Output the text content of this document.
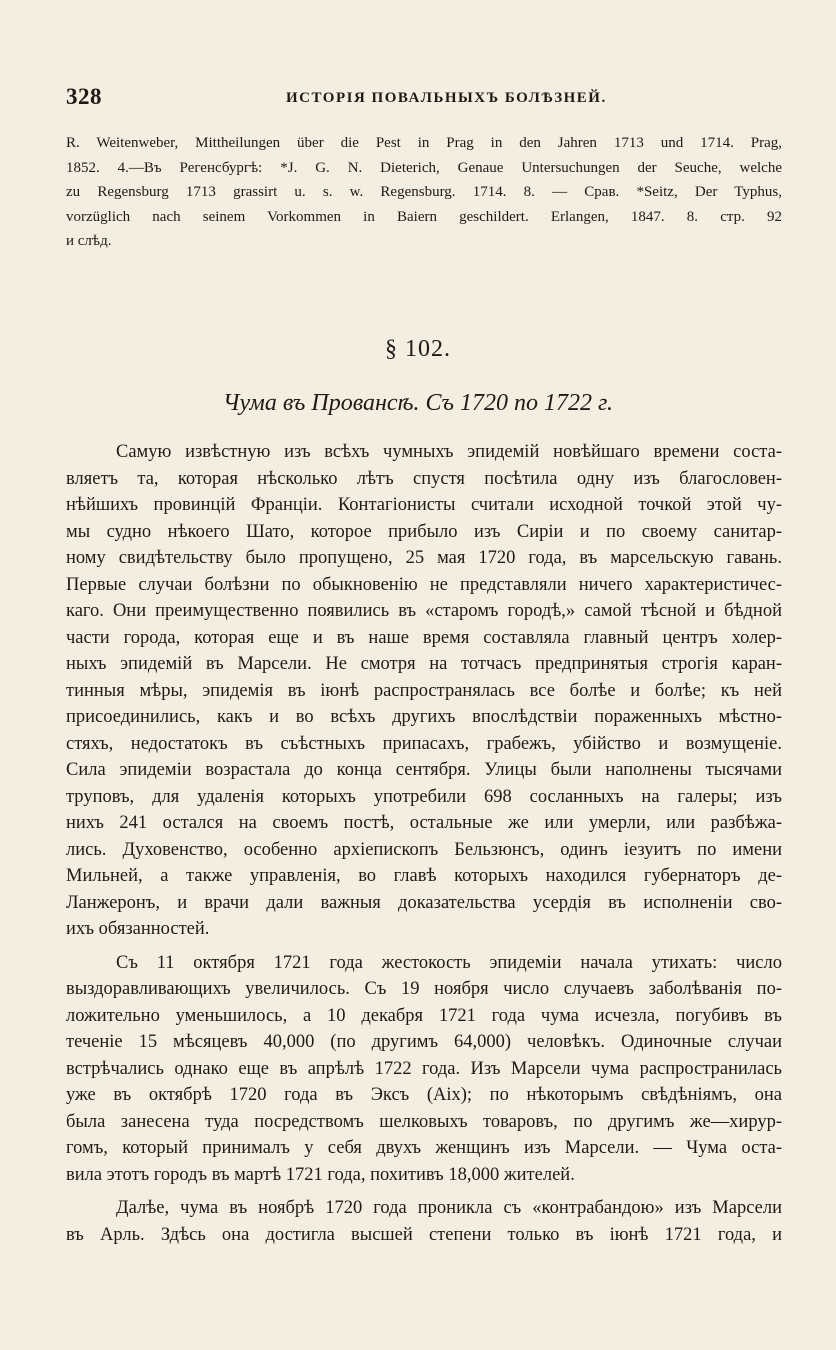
328	ИСТОРІЯ ПОВАЛЬНЫХЪ БОЛѢЗНЕЙ.
R. Weitenweber, Mittheilungen über die Pest in Prag in den Jahren 1713 und 1714. Prag,
1852. 4.—Въ Регенсбургѣ: *J. G. N. Dieterich, Genaue Untersuchungen der Seuche, welche
zu Regensburg 1713 grassirt u. s. w. Regensburg. 1714. 8. — Срав. *Seitz, Der Typhus,
vorzüglich nach seinem Vorkommen in Baiern geschildert. Erlangen, 1847. 8. стр. 92
и слѣд.
§ 102.
Чума въ Провансѣ. Съ 1720 по 1722 г.
Самую извѣстную изъ всѣхъ чумныхъ эпидемій новѣйшаго времени соста-
вляетъ та, которая нѣсколько лѣтъ спустя посѣтила одну изъ благословен-
нѣйшихъ провинцій Франціи. Контагіонисты считали исходной точкой этой чу-
мы судно нѣкоего Шато, которое прибыло изъ Сиріи и по своему санитар-
ному свидѣтельству было пропущено, 25 мая 1720 года, въ марсельскую гавань.
Первые случаи болѣзни по обыкновенію не представляли ничего характеристичес-
каго. Они преимущественно появились въ «старомъ городѣ,» самой тѣсной и бѣдной
части города, которая еще и въ наше время составляла главный центръ холер-
ныхъ эпидемій въ Марсели. Не смотря на тотчасъ предпринятыя строгія каран-
тинныя мѣры, эпидемія въ іюнѣ распространялась все болѣе и болѣе; къ ней
присоединились, какъ и во всѣхъ другихъ впослѣдствіи пораженныхъ мѣстно-
стяхъ, недостатокъ въ съѣстныхъ припасахъ, грабежъ, убійство и возмущеніе.
Сила эпидеміи возрастала до конца сентября. Улицы были наполнены тысячами
труповъ, для удаленія которыхъ употребили 698 сосланныхъ на галеры; изъ
нихъ 241 остался на своемъ постѣ, остальные же или умерли, или разбѣжа-
лись. Духовенство, особенно архіепископъ Бельзюнсъ, одинъ іезуитъ по имени
Мильней, а также управленія, во главѣ которыхъ находился губернаторъ де-
Ланжеронъ, и врачи дали важныя доказательства усердія въ исполненіи сво-
ихъ обязанностей.
Съ 11 октября 1721 года жестокость эпидеміи начала утихать: число
выздоравливающихъ увеличилось. Съ 19 ноября число случаевъ заболѣванія по-
ложительно уменьшилось, а 10 декабря 1721 года чума исчезла, погубивъ въ
теченіе 15 мѣсяцевъ 40,000 (по другимъ 64,000) человѣкъ. Одиночные случаи
встрѣчались однако еще въ апрѣлѣ 1722 года. Изъ Марсели чума распространилась
уже въ октябрѣ 1720 года въ Эксъ (Aix); по нѣкоторымъ свѣдѣніямъ, она
была занесена туда посредствомъ шелковыхъ товаровъ, по другимъ же—хирур-
гомъ, который принималъ у себя двухъ женщинъ изъ Марсели. — Чума оста-
вила этотъ городъ въ мартѣ 1721 года, похитивъ 18,000 жителей.
Далѣе, чума въ ноябрѣ 1720 года проникла съ «контрабандою» изъ Марсели
въ Арль. Здѣсь она достигла высшей степени только въ іюнѣ 1721 года, и
